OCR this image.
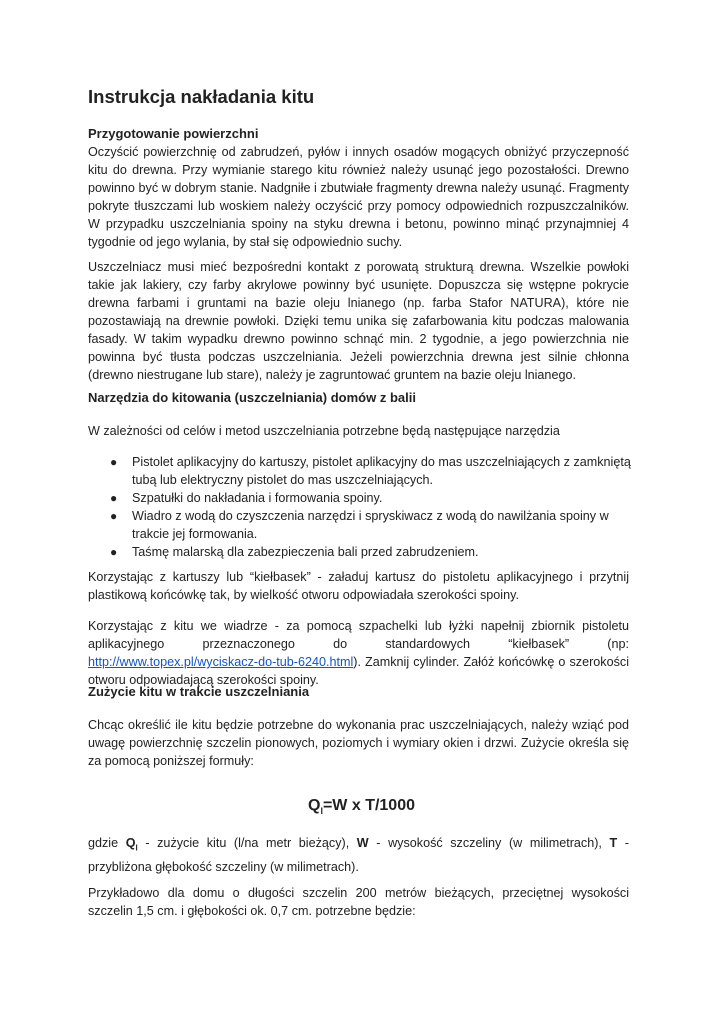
Instrukcja nakładania kitu
Przygotowanie powierzchni

Oczyścić powierzchnię od zabrudzeń, pyłów i innych osadów mogących obniżyć przyczepność kitu do drewna. Przy wymianie starego kitu również należy usunąć jego pozostałości. Drewno powinno być w dobrym stanie. Nadgniłe i zbutwiałe fragmenty drewna należy usunąć. Fragmenty pokryte tłuszczami lub woskiem należy oczyścić przy pomocy odpowiednich rozpuszczalników. W przypadku uszczelniania spoiny na styku drewna i betonu, powinno minąć przynajmniej 4 tygodnie od jego wylania, by stał się odpowiednio suchy.

Uszczelniacz musi mieć bezpośredni kontakt z porowatą strukturą drewna. Wszelkie powłoki takie jak lakiery, czy farby akrylowe powinny być usunięte. Dopuszcza się wstępne pokrycie drewna farbami i gruntami na bazie oleju lnianego (np. farba Stafor NATURA), które nie pozostawiają na drewnie powłoki. Dzięki temu unika się zafarbowania kitu podczas malowania fasady. W takim wypadku drewno powinno schnąć min. 2 tygodnie, a jego powierzchnia nie powinna być tłusta podczas uszczelniania. Jeżeli powierzchnia drewna jest silnie chłonna (drewno niestrugane lub stare), należy je zagruntować gruntem na bazie oleju lnianego.

Narzędzia do kitowania (uszczelniania) domów z balii

W zależności od celów i metod uszczelniania potrzebne będą następujące narzędzia

● Pistolet aplikacyjny do kartuszy, pistolet aplikacyjny do mas uszczelniających z zamkniętą tubą lub elektryczny pistolet do mas uszczelniających.
● Szpatułki do nakładania i formowania spoiny.
● Wiadro z wodą do czyszczenia narzędzi i spryskiwacz z wodą do nawilżania spoiny w trakcie jej formowania.
● Taśmę malarską dla zabezpieczenia bali przed zabrudzeniem.

Korzystając z kartuszy lub “kiełbasek” - załaduj kartusz do pistoletu aplikacyjnego i przytnij plastikową końcówkę tak, by wielkość otworu odpowiadała szerokości spoiny.

Korzystając z kitu we wiadrze - za pomocą szpachelki lub łyżki napełnij zbiornik pistoletu aplikacyjnego przeznaczonego do standardowych “kiełbasek” (np: http://www.topex.pl/wyciskacz-do-tub-6240.html). Zamknij cylinder. Załóż końcówkę o szerokości otworu odpowiadającą szerokości spoiny.

Zużycie kitu w trakcie uszczelniania

Chcąc określić ile kitu będzie potrzebne do wykonania prac uszczelniających, należy wziąć pod uwagę powierzchnię szczelin pionowych, poziomych i wymiary okien i drzwi. Zużycie określa się za pomocą poniższej formuły:

$Q_l=W$ x T/1000

gdzie $Q_l$ - zużycie kitu (l/na metr bieżący), W - wysokość szczeliny (w milimetrach), T - przybliżona głębokość szczeliny (w milimetrach).

Przykładowo dla domu o długości szczelin 200 metrów bieżących, przeciętnej wysokości szczelin 1,5 cm. i głębokości ok. 0,7 cm. potrzebne będzie:
